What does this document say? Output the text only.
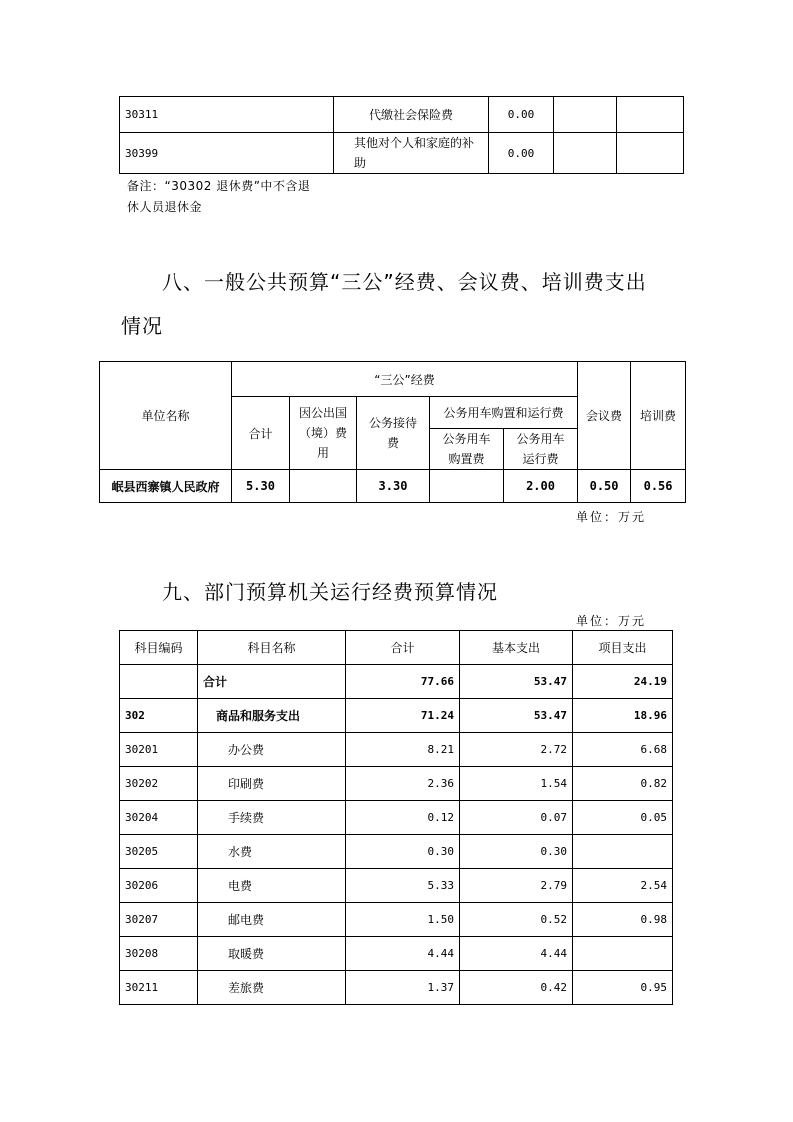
30311	代缴社会保险费	0.00		
30399	其他对个人和家庭的补助	0.00		
备注：“30302 退休费”中不含退
休人员退休金
八、一般公共预算“三公”经费、会议费、培训费支出
情况
单位名称	“三公”经费					会议费	培训费
	合计	因公出国（境）费用	公务接待费	公务用车购置和运行费			
				公务用车购置费	公务用车运行费		
岷县西寨镇人民政府	5.30		3.30		2.00	0.50	0.56
单位：万元
九、部门预算机关运行经费预算情况
单位：万元
科目编码	科目名称	合计	基本支出	项目支出
	合计	77.66	53.47	24.19
302	商品和服务支出	71.24	53.47	18.96
30201	办公费	8.21	2.72	6.68
30202	印刷费	2.36	1.54	0.82
30204	手续费	0.12	0.07	0.05
30205	水费	0.30	0.30	
30206	电费	5.33	2.79	2.54
30207	邮电费	1.50	0.52	0.98
30208	取暖费	4.44	4.44	
30211	差旅费	1.37	0.42	0.95
